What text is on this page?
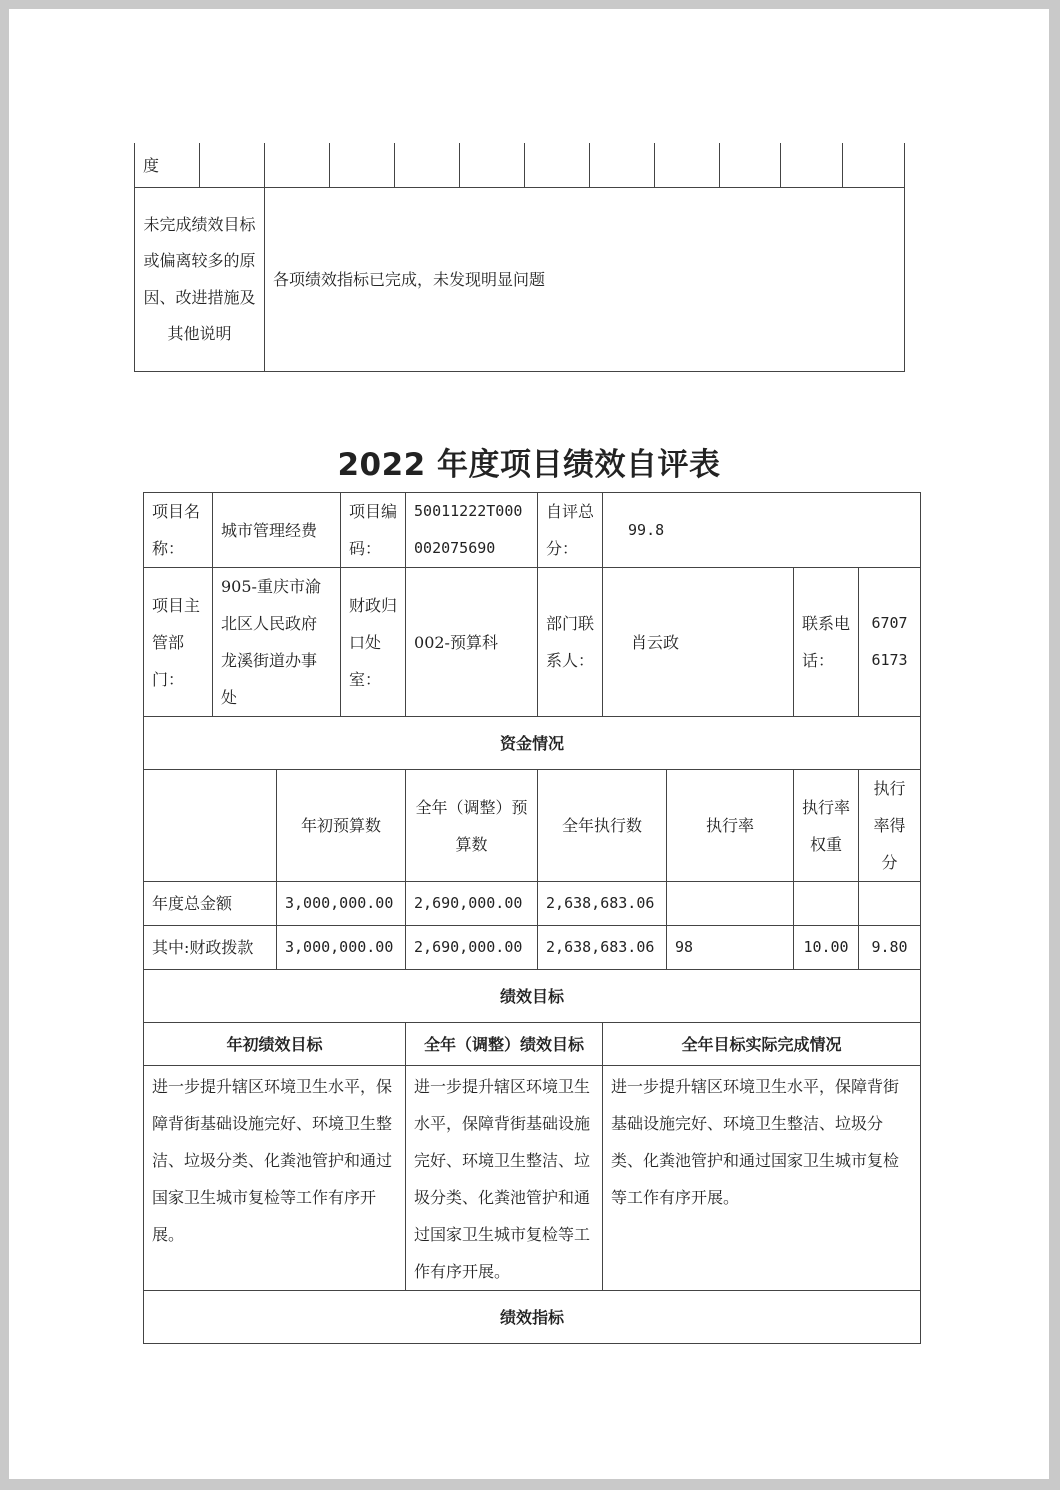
度											
未完成绩效目标或偏离较多的原因、改进措施及其他说明		各项绩效指标已完成，未发现明显问题									
2022 年度项目绩效自评表
项目名称：	城市管理经费		项目编码：	50011222T000002075690	自评总分：	99.8			
项目主管部门：	905-重庆市渝北区人民政府龙溪街道办事处		财政归口处室：	002-预算科	部门联系人：	肖云政		联系电话：	67076173
资金情况									
		年初预算数		全年（调整）预算数	全年执行数		执行率	执行率权重	执行率得分
年度总金额		3,000,000.00		2,690,000.00	2,638,683.06				
其中:财政拨款		3,000,000.00		2,690,000.00	2,638,683.06		98	10.00	9.80
绩效目标									
年初绩效目标				全年（调整）绩效目标		全年目标实际完成情况			
进一步提升辖区环境卫生水平，保障背街基础设施完好、环境卫生整洁、垃圾分类、化粪池管护和通过国家卫生城市复检等工作有序开展。				进一步提升辖区环境卫生水平，保障背街基础设施完好、环境卫生整洁、垃圾分类、化粪池管护和通过国家卫生城市复检等工作有序开展。		进一步提升辖区环境卫生水平，保障背街基础设施完好、环境卫生整洁、垃圾分类、化粪池管护和通过国家卫生城市复检等工作有序开展。			
绩效指标									
